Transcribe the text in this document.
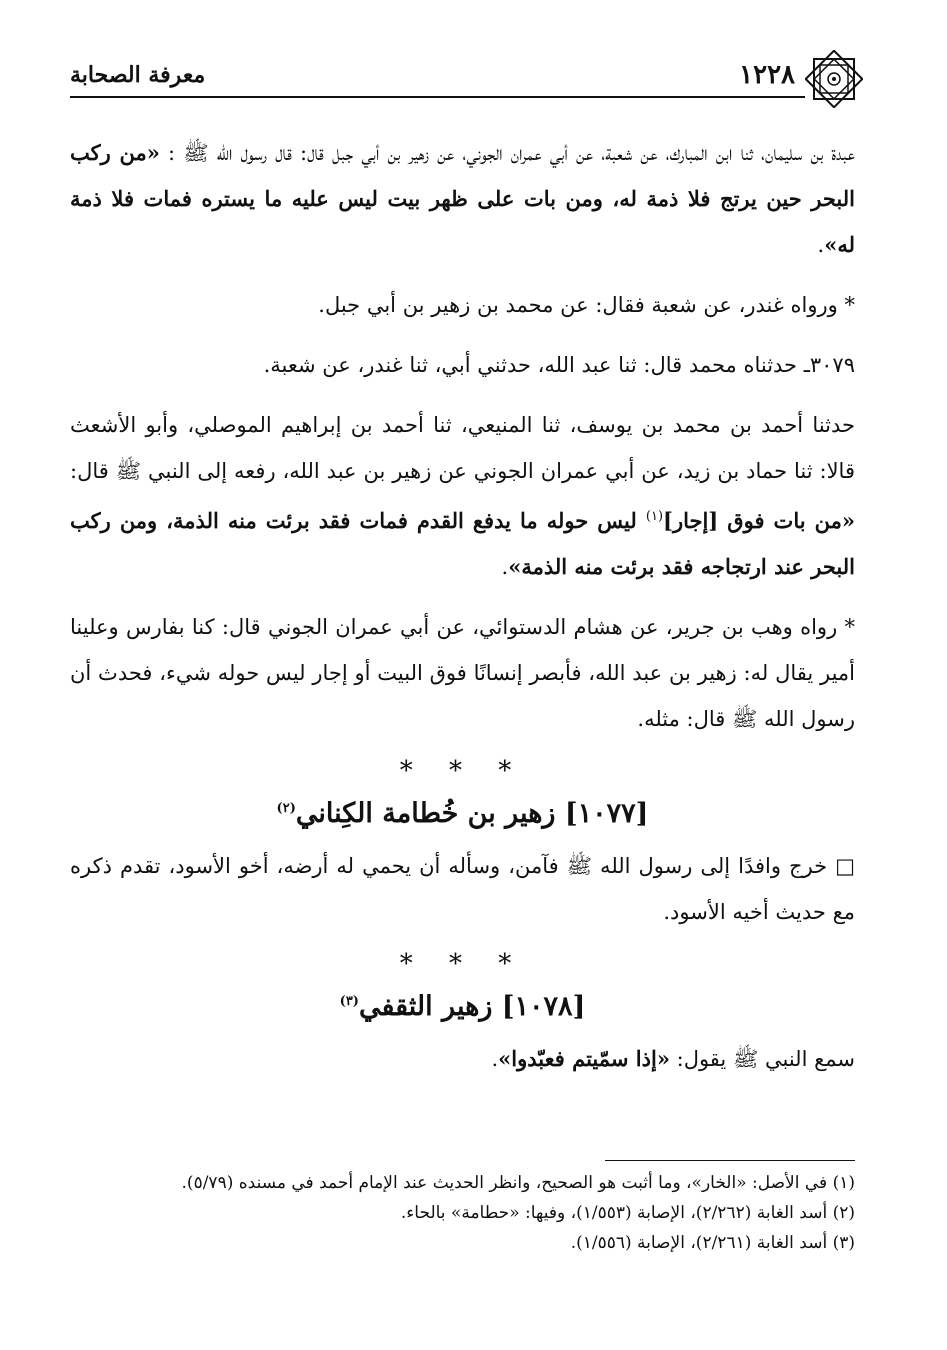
١٢٢٨
معرفة الصحابة

عبدة بن سليمان، ثنا ابن المبارك، عن شعبة، عن أبي عمران الجوني، عن زهير بن أبي جبل قال: قال رسول الله ﷺ : «من ركب البحر حين يرتج فلا ذمة له، ومن بات على ظهر بيت ليس عليه ما يستره فمات فلا ذمة له».

* ورواه غندر، عن شعبة فقال: عن محمد بن زهير بن أبي جبل.

٣٠٧٩ـ حدثناه محمد قال: ثنا عبد الله، حدثني أبي، ثنا غندر، عن شعبة.

حدثنا أحمد بن محمد بن يوسف، ثنا المنيعي، ثنا أحمد بن إبراهيم الموصلي، وأبو الأشعث قالا: ثنا حماد بن زيد، عن أبي عمران الجوني عن زهير بن عبد الله، رفعه إلى النبي ﷺ قال: «من بات فوق [إجار]$^{(١)}$ ليس حوله ما يدفع القدم فمات فقد برئت منه الذمة، ومن ركب البحر عند ارتجاجه فقد برئت منه الذمة».

* رواه وهب بن جرير، عن هشام الدستوائي، عن أبي عمران الجوني قال: كنا بفارس وعلينا أمير يقال له: زهير بن عبد الله، فأبصر إنسانًا فوق البيت أو إجار ليس حوله شيء، فحدث أن رسول الله ﷺ قال: مثله.

* * *
[١٠٧٧] زهير بن خُطامة الكِناني$^{(٢)}$

□ خرج وافدًا إلى رسول الله ﷺ فآمن، وسأله أن يحمي له أرضه، أخو الأسود، تقدم ذكره مع حديث أخيه الأسود.

* * *
[١٠٧٨] زهير الثقفي$^{(٣)}$

سمع النبي ﷺ يقول: «إذا سمّيتم فعبّدوا».

(١) في الأصل: «الخار»، وما أثبت هو الصحيح، وانظر الحديث عند الإمام أحمد في مسنده (٥/٧٩).

(٢) أسد الغابة (٢/٢٦٢)، الإصابة (١/٥٥٣)، وفيها: «حطامة» بالحاء.

(٣) أسد الغابة (٢/٢٦١)، الإصابة (١/٥٥٦).
